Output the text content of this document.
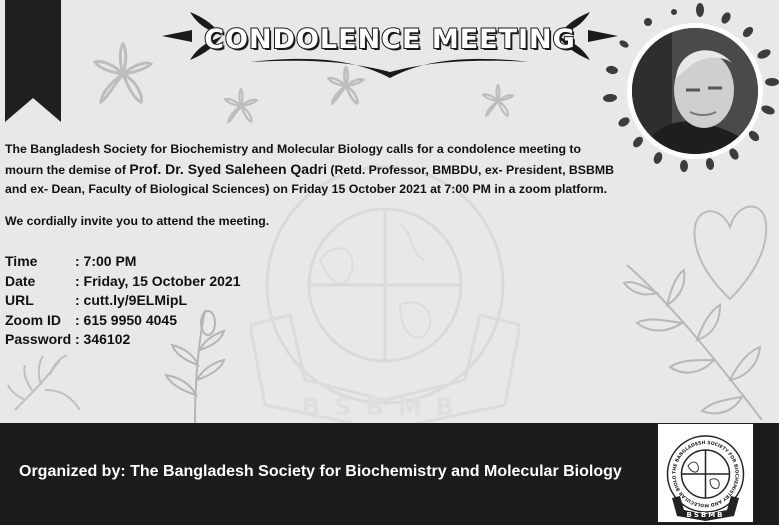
BSBMB
CONDOLENCE MEETING

The Bangladesh Society for Biochemistry and Molecular Biology calls for a condolence meeting to mourn the demise of Prof. Dr. Syed Saleheen Qadri (Retd. Professor, BMBDU, ex- President, BSBMB and ex- Dean, Faculty of Biological Sciences) on Friday 15 October 2021 at 7:00 PM in a zoom platform.

We cordially invite you to attend the meeting.

Time	: 7:00 PM
Date	: Friday, 15 October 2021
URL	: cutt.ly/9ELMipL
Zoom ID : 615 9950 4045
Password : 346102
Organized by: The Bangladesh Society for Biochemistry and Molecular Biology	THE BANGLADESH SOCIETY FOR BIOCHEMISTRY AND MOLECULAR BIOLO
BSBMB
